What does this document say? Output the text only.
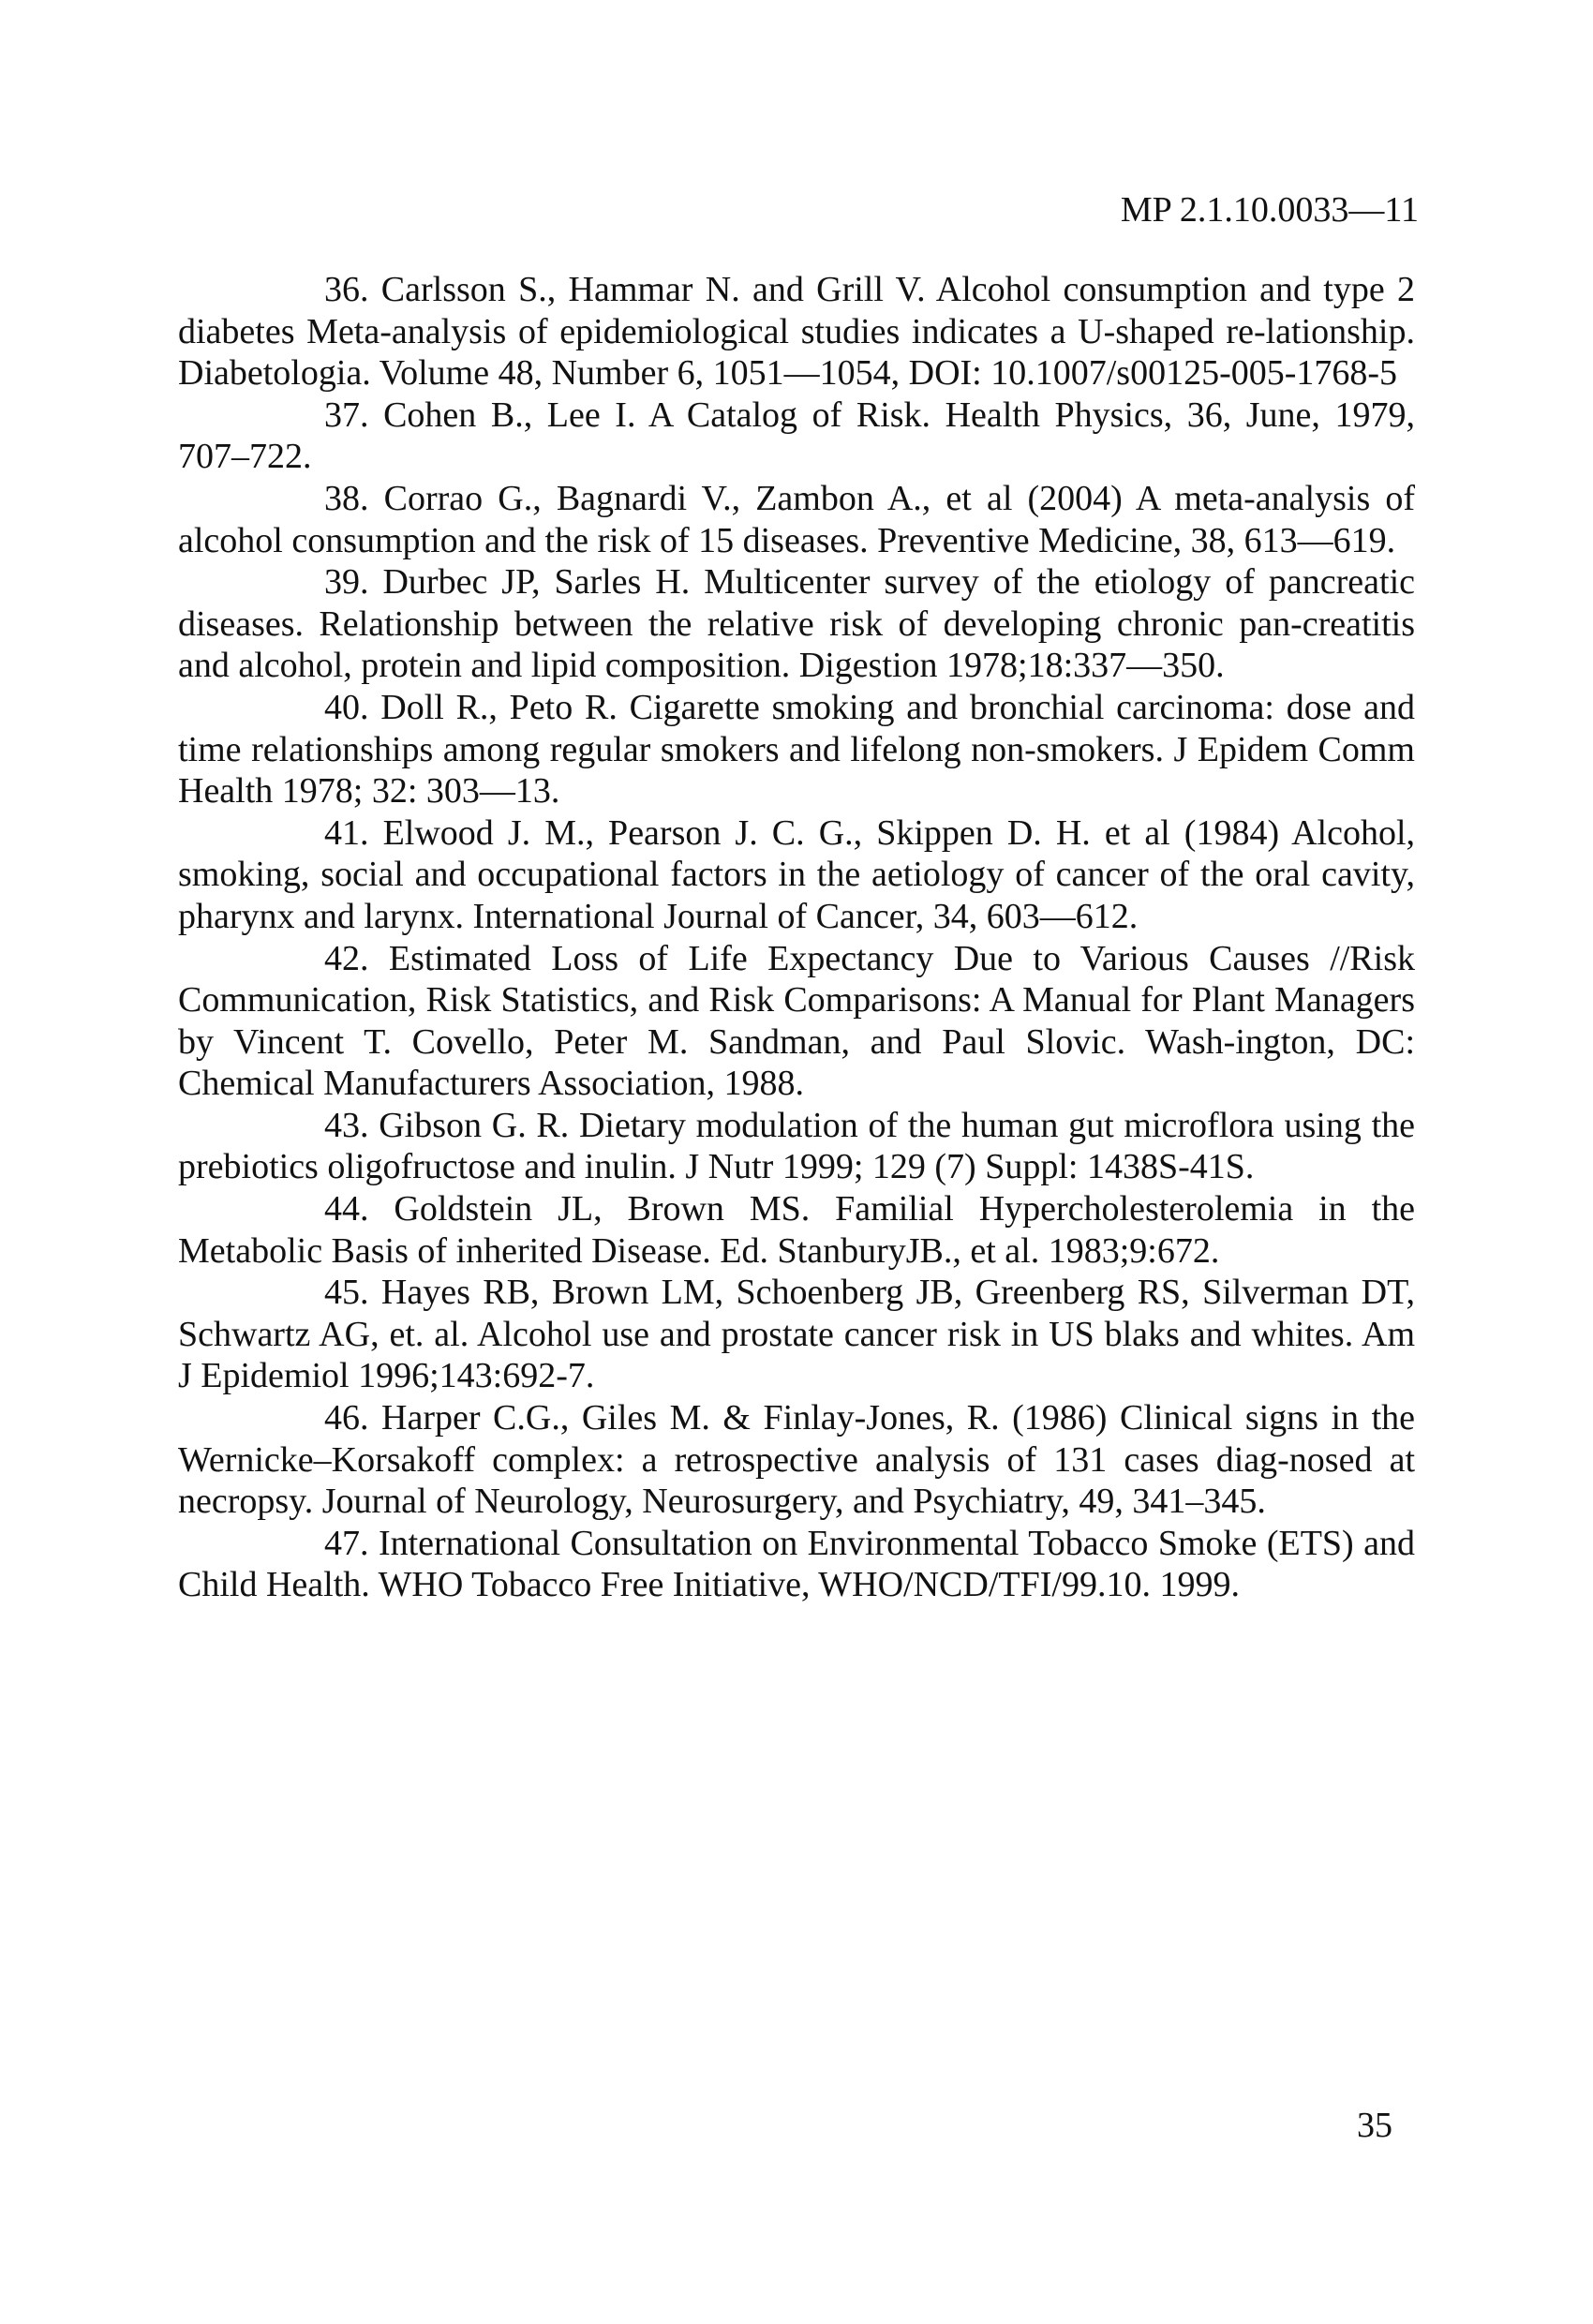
MP 2.1.10.0033—11

36. Carlsson S., Hammar N. and Grill V. Alcohol consumption and type 2 diabetes Meta-analysis of epidemiological studies indicates a U-shaped re-lationship. Diabetologia. Volume 48, Number 6, 1051—1054, DOI: 10.1007/s00125-005-1768-5

37. Cohen B., Lee I. A Catalog of Risk. Health Physics, 36, June, 1979, 707–722.

38. Corrao G., Bagnardi V., Zambon A., et al (2004) A meta-analysis of alcohol consumption and the risk of 15 diseases. Preventive Medicine, 38, 613—619.

39. Durbec JP, Sarles H. Multicenter survey of the etiology of pancreatic diseases. Relationship between the relative risk of developing chronic pan-creatitis and alcohol, protein and lipid composition. Digestion 1978;18:337—350.

40. Doll R., Peto R. Cigarette smoking and bronchial carcinoma: dose and time relationships among regular smokers and lifelong non-smokers. J Epidem Comm Health 1978; 32: 303—13.

41. Elwood J. M., Pearson J. C. G., Skippen D. H. et al (1984) Alcohol, smoking, social and occupational factors in the aetiology of cancer of the oral cavity, pharynx and larynx. International Journal of Cancer, 34, 603—612.

42. Estimated Loss of Life Expectancy Due to Various Causes //Risk Communication, Risk Statistics, and Risk Comparisons: A Manual for Plant Managers by Vincent T. Covello, Peter M. Sandman, and Paul Slovic. Wash-ington, DC: Chemical Manufacturers Association, 1988.

43. Gibson G. R. Dietary modulation of the human gut microflora using the prebiotics oligofructose and inulin. J Nutr 1999; 129 (7) Suppl: 1438S-41S.

44. Goldstein JL, Brown MS. Familial Hypercholesterolemia in the Metabolic Basis of inherited Disease. Ed. StanburyJB., et al. 1983;9:672.

45. Hayes RB, Brown LM, Schoenberg JB, Greenberg RS, Silverman DT, Schwartz AG, et. al. Alcohol use and prostate cancer risk in US blaks and whites. Am J Epidemiol 1996;143:692-7.

46. Harper C.G., Giles M. & Finlay-Jones, R. (1986) Clinical signs in the Wernicke–Korsakoff complex: a retrospective analysis of 131 cases diag-nosed at necropsy. Journal of Neurology, Neurosurgery, and Psychiatry, 49, 341–345.

47. International Consultation on Environmental Tobacco Smoke (ETS) and Child Health. WHO Tobacco Free Initiative, WHO/NCD/TFI/99.10. 1999.

35
